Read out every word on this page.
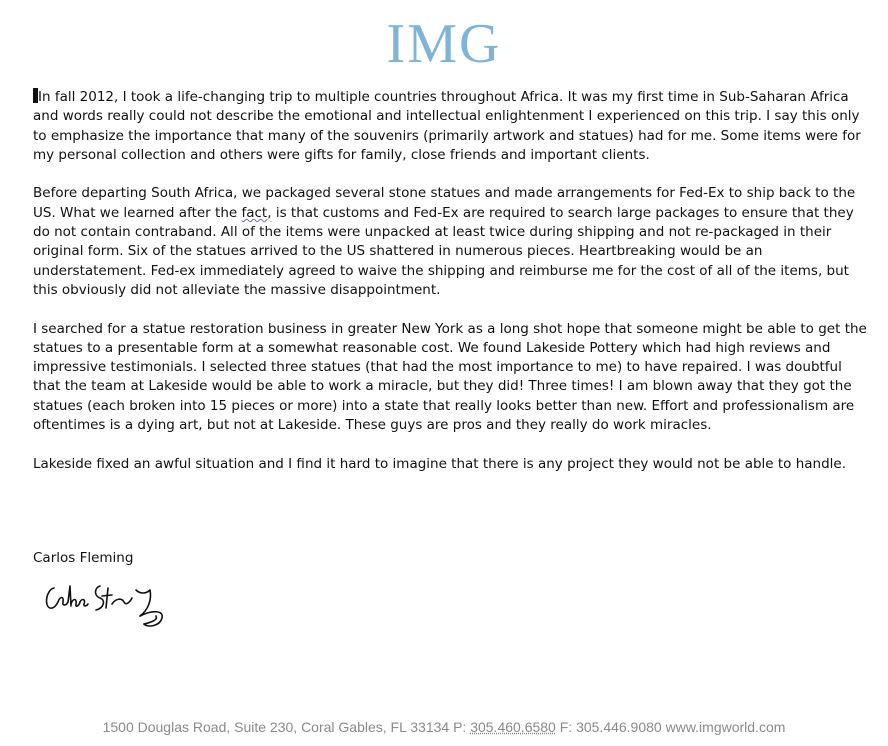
IMG

In fall 2012, I took a life-changing trip to multiple countries throughout Africa. It was my first time in Sub-Saharan Africa and words really could not describe the emotional and intellectual enlightenment I experienced on this trip. I say this only to emphasize the importance that many of the souvenirs (primarily artwork and statues) had for me. Some items were for my personal collection and others were gifts for family, close friends and important clients.

Before departing South Africa, we packaged several stone statues and made arrangements for Fed-Ex to ship back to the US. What we learned after the fact, is that customs and Fed-Ex are required to search large packages to ensure that they do not contain contraband. All of the items were unpacked at least twice during shipping and not re-packaged in their original form. Six of the statues arrived to the US shattered in numerous pieces. Heartbreaking would be an understatement. Fed-ex immediately agreed to waive the shipping and reimburse me for the cost of all of the items, but this obviously did not alleviate the massive disappointment.

I searched for a statue restoration business in greater New York as a long shot hope that someone might be able to get the statues to a presentable form at a somewhat reasonable cost. We found Lakeside Pottery which had high reviews and impressive testimonials. I selected three statues (that had the most importance to me) to have repaired. I was doubtful that the team at Lakeside would be able to work a miracle, but they did! Three times! I am blown away that they got the statues (each broken into 15 pieces or more) into a state that really looks better than new. Effort and professionalism are oftentimes is a dying art, but not at Lakeside. These guys are pros and they really do work miracles.

Lakeside fixed an awful situation and I find it hard to imagine that there is any project they would not be able to handle.

Carlos Fleming
1500 Douglas Road, Suite 230, Coral Gables, FL 33134 P: 305.460.6580 F: 305.446.9080 www.imgworld.com
